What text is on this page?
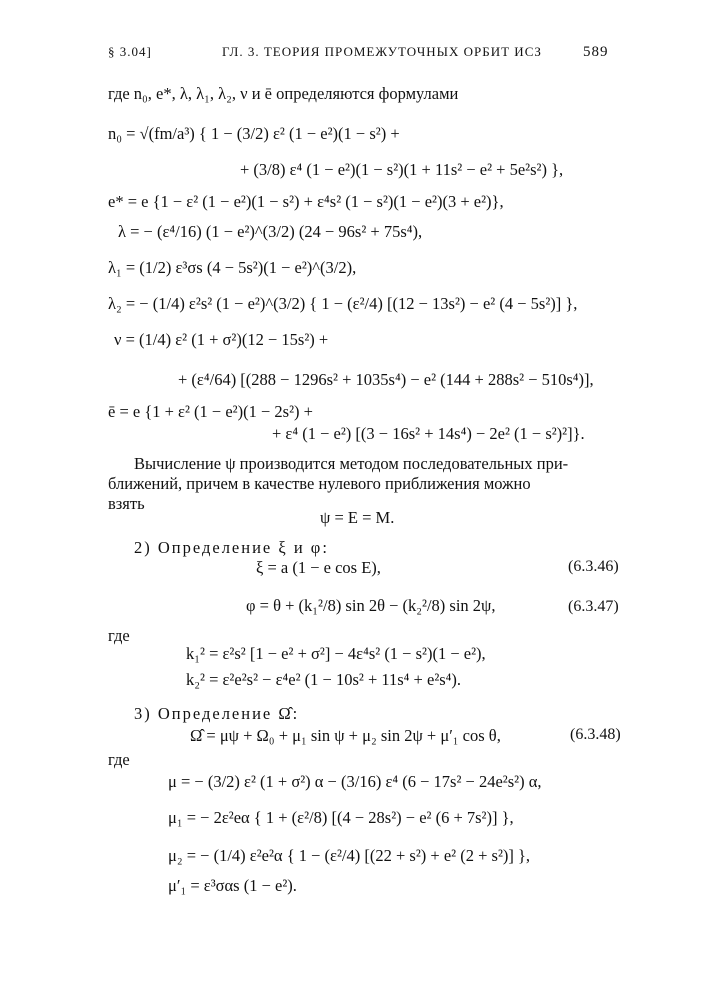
§ 3.04]	ГЛ. 3. ТЕОРИЯ ПРОМЕЖУТОЧНЫХ ОРБИТ ИСЗ	589
где n₀, e*, λ, λ₁, λ₂, ν и ē определяются формулами
n₀ = √(fm/a³) { 1 − (3/2) ε² (1 − e²)(1 − s²) +
+ (3/8) ε⁴ (1 − e²)(1 − s²)(1 + 11s² − e² + 5e²s²) },
e* = e {1 − ε² (1 − e²)(1 − s²) + ε⁴s² (1 − s²)(1 − e²)(3 + e²)},
λ = − (ε⁴/16) (1 − e²)^(3/2) (24 − 96s² + 75s⁴),
λ₁ = (1/2) ε³σs (4 − 5s²)(1 − e²)^(3/2),
λ₂ = − (1/4) ε²s² (1 − e²)^(3/2) { 1 − (ε²/4) [(12 − 13s²) − e² (4 − 5s²)] },
ν = (1/4) ε² (1 + σ²)(12 − 15s²) +
+ (ε⁴/64) [(288 − 1296s² + 1035s⁴) − e² (144 + 288s² − 510s⁴)],
ē = e {1 + ε² (1 − e²)(1 − 2s²) +
+ ε⁴ (1 − e²) [(3 − 16s² + 14s⁴) − 2e² (1 − s²)²]}.
Вычисление ψ производится методом последовательных при-
ближений, причем в качестве нулевого приближения можно
взять
ψ = E = M.
2) Определение ξ и φ:
ξ = a (1 − e cos E),	(6.3.46)
φ = θ + (k₁²/8) sin 2θ − (k₂²/8) sin 2ψ,	(6.3.47)
где
k₁² = ε²s² [1 − e² + σ²] − 4ε⁴s² (1 − s²)(1 − e²),
k₂² = ε²e²s² − ε⁴e² (1 − 10s² + 11s⁴ + e²s⁴).
3) Определение Ω̂:
Ω̂ = μψ + Ω₀ + μ₁ sin ψ + μ₂ sin 2ψ + μ′₁ cos θ,	(6.3.48)
где
μ = − (3/2) ε² (1 + σ²) α − (3/16) ε⁴ (6 − 17s² − 24e²s²) α,
μ₁ = − 2ε²eα { 1 + (ε²/8) [(4 − 28s²) − e² (6 + 7s²)] },
μ₂ = − (1/4) ε²e²α { 1 − (ε²/4) [(22 + s²) + e² (2 + s²)] },
μ′₁ = ε³σαs (1 − e²).
